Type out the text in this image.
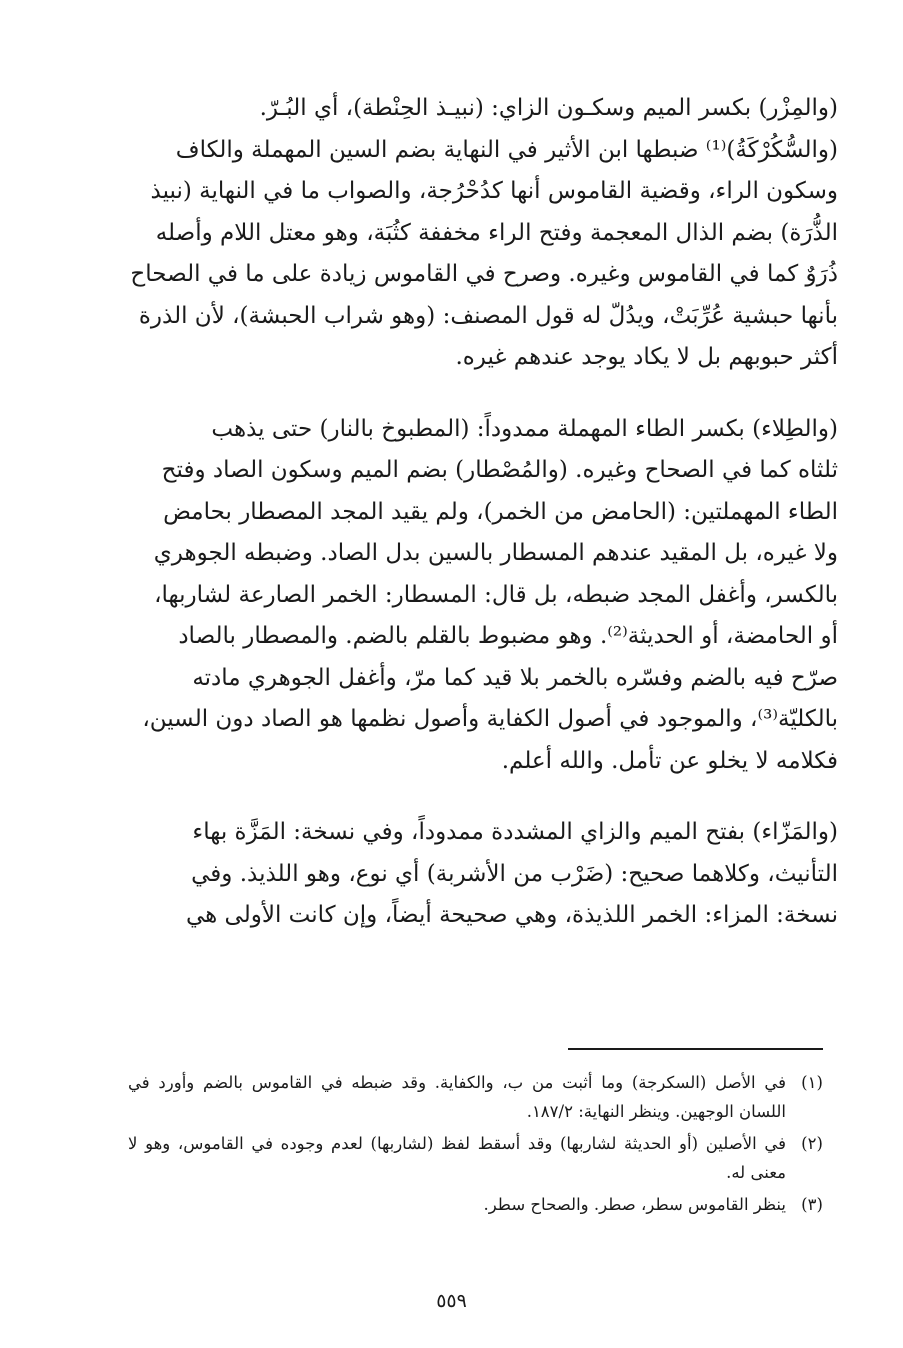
(والمِزْر) بكسر الميم وسكـون الزاي: (نبيـذ الحِنْطة)، أي البُـرّ.

(والسُّكُرْكَةُ)⁽¹⁾ ضبطها ابن الأثير في النهاية بضم السين المهملة والكاف

وسكون الراء، وقضية القاموس أنها كدُحْرُجة، والصواب ما في النهاية (نبيذ

الذُّرَة) بضم الذال المعجمة وفتح الراء مخففة كثُبَة، وهو معتل اللام وأصله

ذُرَوٌ كما في القاموس وغيره. وصرح في القاموس زيادة على ما في الصحاح

بأنها حبشية عُرِّبَتْ، ويدُلّ له قول المصنف: (وهو شراب الحبشة)، لأن الذرة

أكثر حبوبهم بل لا يكاد يوجد عندهم غيره.

(والطِلاء) بكسر الطاء المهملة ممدوداً: (المطبوخ بالنار) حتى يذهب

ثلثاه كما في الصحاح وغيره. (والمُصْطار) بضم الميم وسكون الصاد وفتح

الطاء المهملتين: (الحامض من الخمر)، ولم يقيد المجد المصطار بحامض

ولا غيره، بل المقيد عندهم المسطار بالسين بدل الصاد. وضبطه الجوهري

بالكسر، وأغفل المجد ضبطه، بل قال: المسطار: الخمر الصارعة لشاربها،

أو الحامضة، أو الحديثة⁽²⁾. وهو مضبوط بالقلم بالضم. والمصطار بالصاد

صرّح فيه بالضم وفسّره بالخمر بلا قيد كما مرّ، وأغفل الجوهري مادته

بالكليّة⁽³⁾، والموجود في أصول الكفاية وأصول نظمها هو الصاد دون السين،

فكلامه لا يخلو عن تأمل. والله أعلم.

(والمَزّاء) بفتح الميم والزاي المشددة ممدوداً، وفي نسخة: المَزَّة بهاء

التأنيث، وكلاهما صحيح: (ضَرْب من الأشربة) أي نوع، وهو اللذيذ. وفي

نسخة: المزاء: الخمر اللذيذة، وهي صحيحة أيضاً، وإن كانت الأولى هي

(١)
في الأصل (السكرجة) وما أثبت من ب، والكفاية. وقد ضبطه في القاموس بالضم وأورد في اللسان الوجهين. وينظر النهاية: ١٨٧/٢.
(٢)
في الأصلين (أو الحديثة لشاربها) وقد أسقط لفظ (لشاربها) لعدم وجوده في القاموس، وهو لا معنى له.
(٣)
ينظر القاموس سطر، صطر. والصحاح سطر.
٥٥٩
